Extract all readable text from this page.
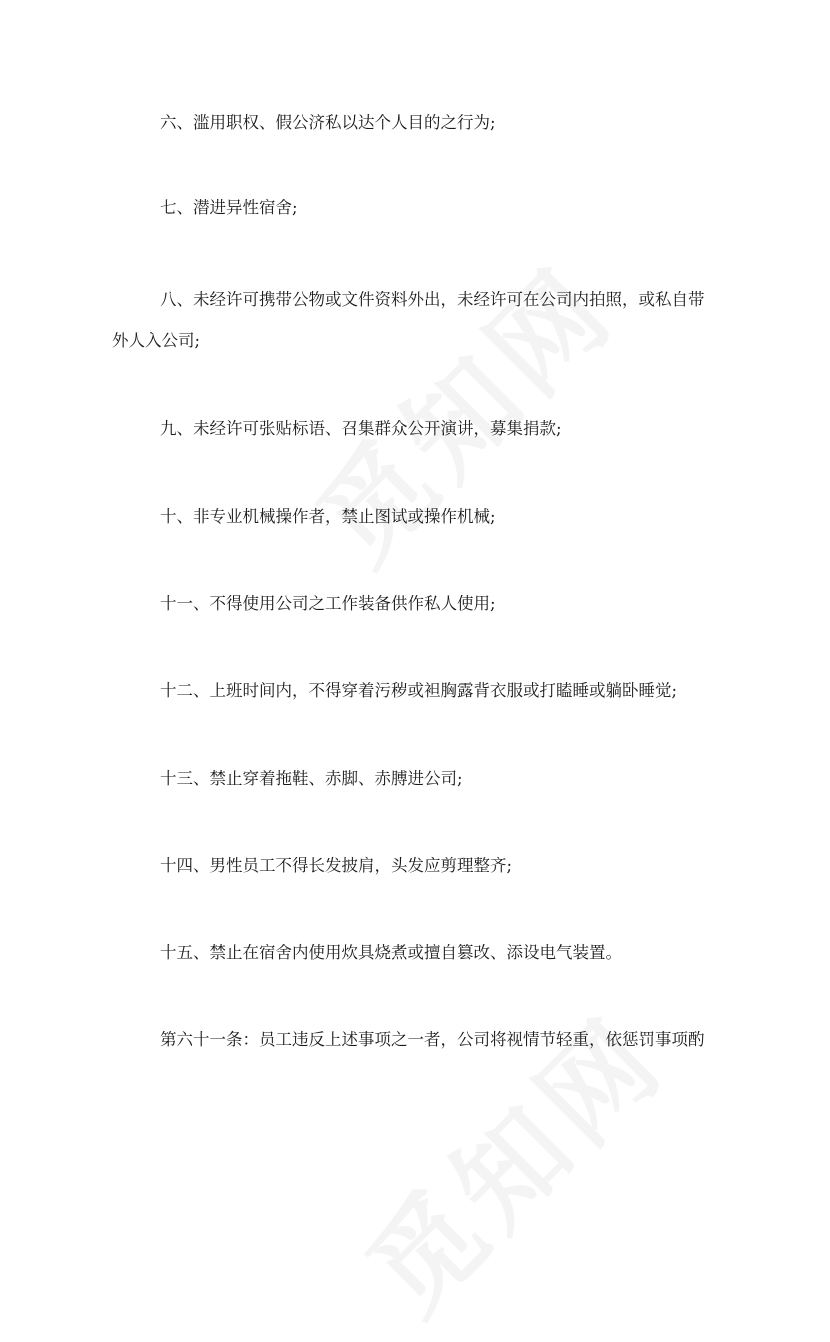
六、滥用职权、假公济私以达个人目的之行为;
七、潜进异性宿舍;
八、未经许可携带公物或文件资料外出，未经许可在公司内拍照，或私自带
外人入公司;
九、未经许可张贴标语、召集群众公开演讲，募集捐款;
十、非专业机械操作者，禁止图试或操作机械;
十一、不得使用公司之工作装备供作私人使用;
十二、上班时间内，不得穿着污秽或袒胸露背衣服或打瞌睡或躺卧睡觉;
十三、禁止穿着拖鞋、赤脚、赤膊进公司;
十四、男性员工不得长发披肩，头发应剪理整齐;
十五、禁止在宿舍内使用炊具烧煮或擅自篡改、添设电气装置。
第六十一条：员工违反上述事项之一者，公司将视情节轻重，依惩罚事项酌
